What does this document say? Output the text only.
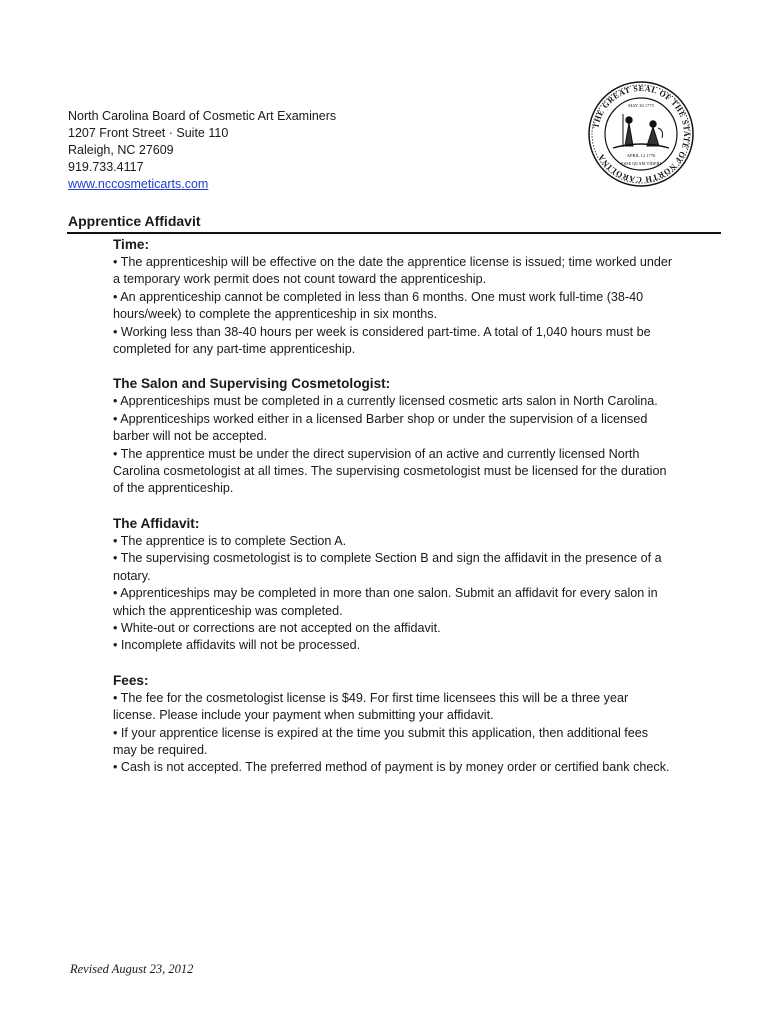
North Carolina Board of Cosmetic Art Examiners
1207 Front Street · Suite 110
Raleigh, NC 27609
919.733.4117
www.nccosmeticarts.com
THE GREAT SEAL OF THE STATE OF NORTH CAROLINA
MAY 20 1775
APRIL 12 1776
ESSE QUAM VIDERI
Apprentice Affidavit
Time:

• The apprenticeship will be effective on the date the apprentice license is issued; time worked under a temporary work permit does not count toward the apprenticeship.

• An apprenticeship cannot be completed in less than 6 months. One must work full-time (38-40 hours/week) to complete the apprenticeship in six months.

• Working less than 38-40 hours per week is considered part-time. A total of 1,040 hours must be completed for any part-time apprenticeship.

The Salon and Supervising Cosmetologist:

• Apprenticeships must be completed in a currently licensed cosmetic arts salon in North Carolina.

• Apprenticeships worked either in a licensed Barber shop or under the supervision of a licensed barber will not be accepted.

• The apprentice must be under the direct supervision of an active and currently licensed North Carolina cosmetologist at all times. The supervising cosmetologist must be licensed for the duration of the apprenticeship.

The Affidavit:

• The apprentice is to complete Section A.

• The supervising cosmetologist is to complete Section B and sign the affidavit in the presence of a notary.

• Apprenticeships may be completed in more than one salon. Submit an affidavit for every salon in which the apprenticeship was completed.

• White-out or corrections are not accepted on the affidavit.

• Incomplete affidavits will not be processed.

Fees:

• The fee for the cosmetologist license is $49. For first time licensees this will be a three year license. Please include your payment when submitting your affidavit.

• If your apprentice license is expired at the time you submit this application, then additional fees may be required.

• Cash is not accepted. The preferred method of payment is by money order or certified bank check.

Revised August 23, 2012
